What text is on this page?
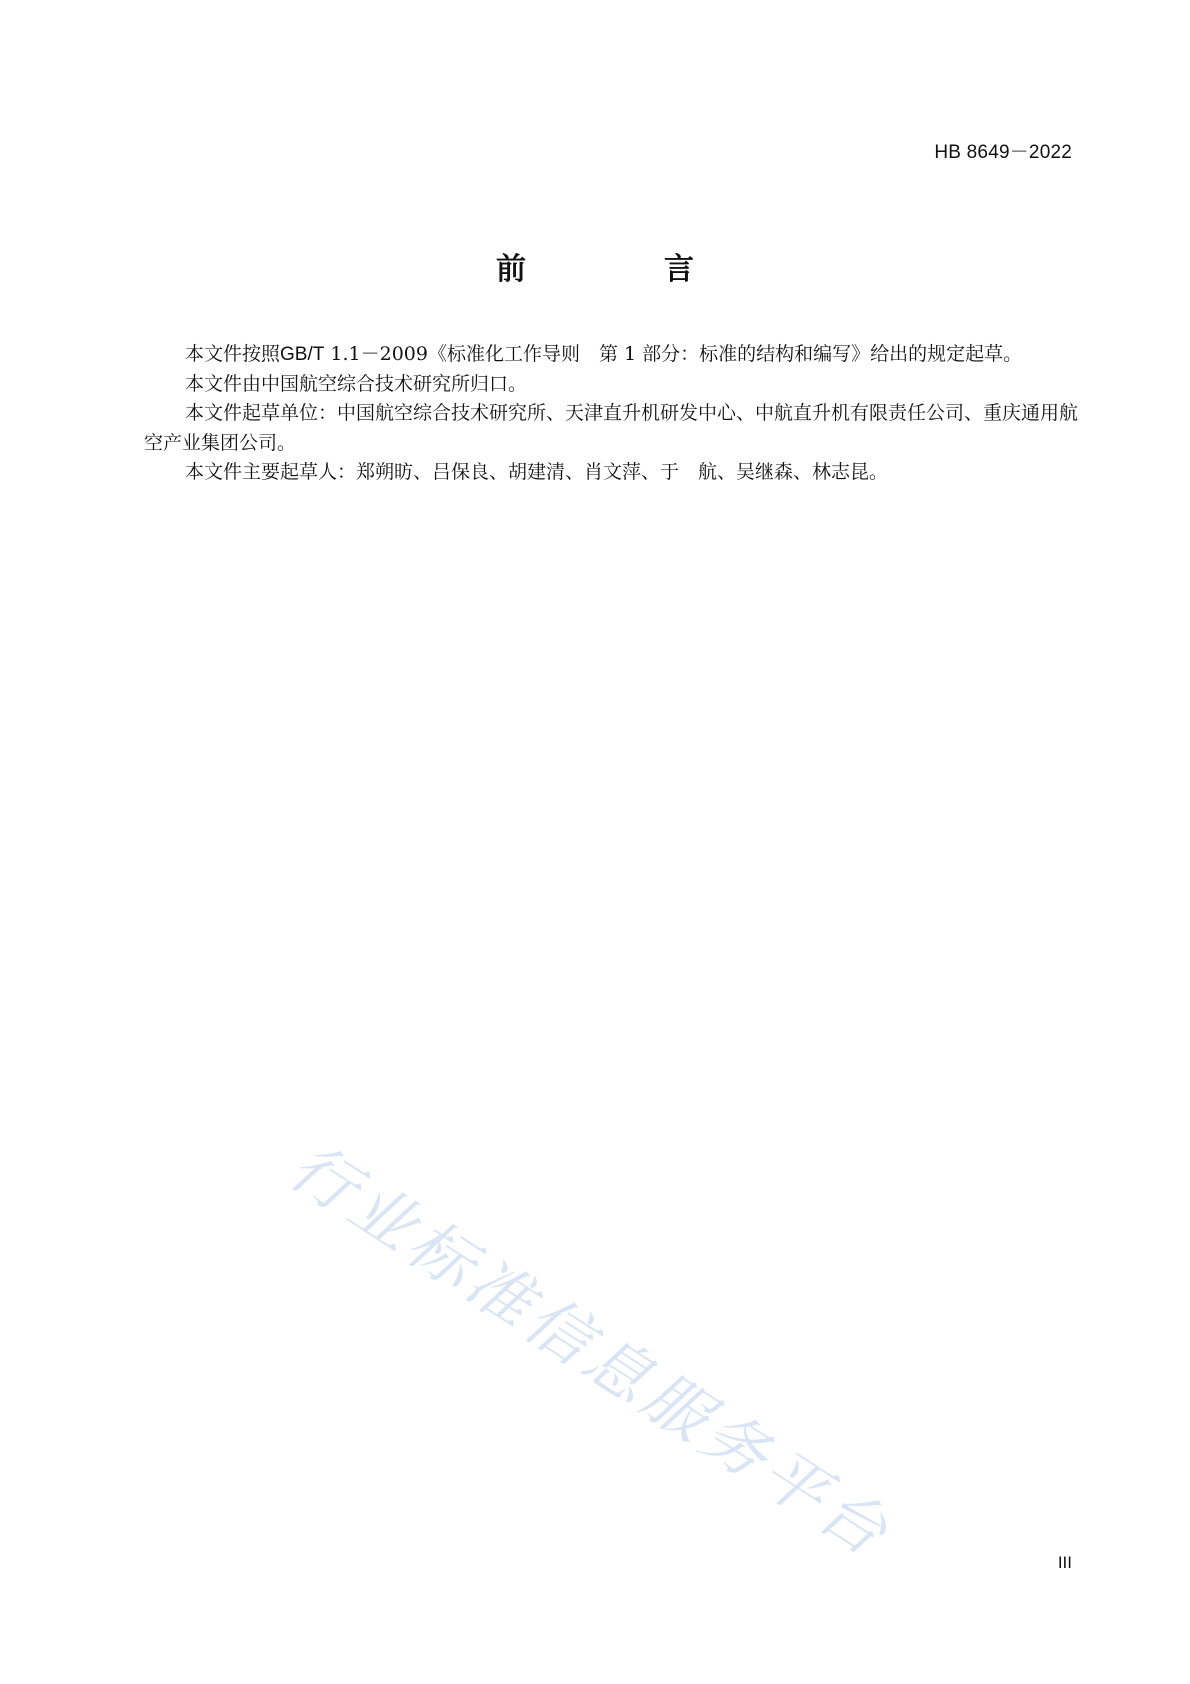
HB 8649－2022
前　言

本文件按照GB/T 1.1－2009《标准化工作导则　第 1 部分：标准的结构和编写》给出的规定起草。

本文件由中国航空综合技术研究所归口。

本文件起草单位：中国航空综合技术研究所、天津直升机研发中心、中航直升机有限责任公司、重庆通用航空产业集团公司。

本文件主要起草人：郑朔昉、吕保良、胡建清、肖文萍、于　航、吴继森、林志昆。

行业标准信息服务平台	III
